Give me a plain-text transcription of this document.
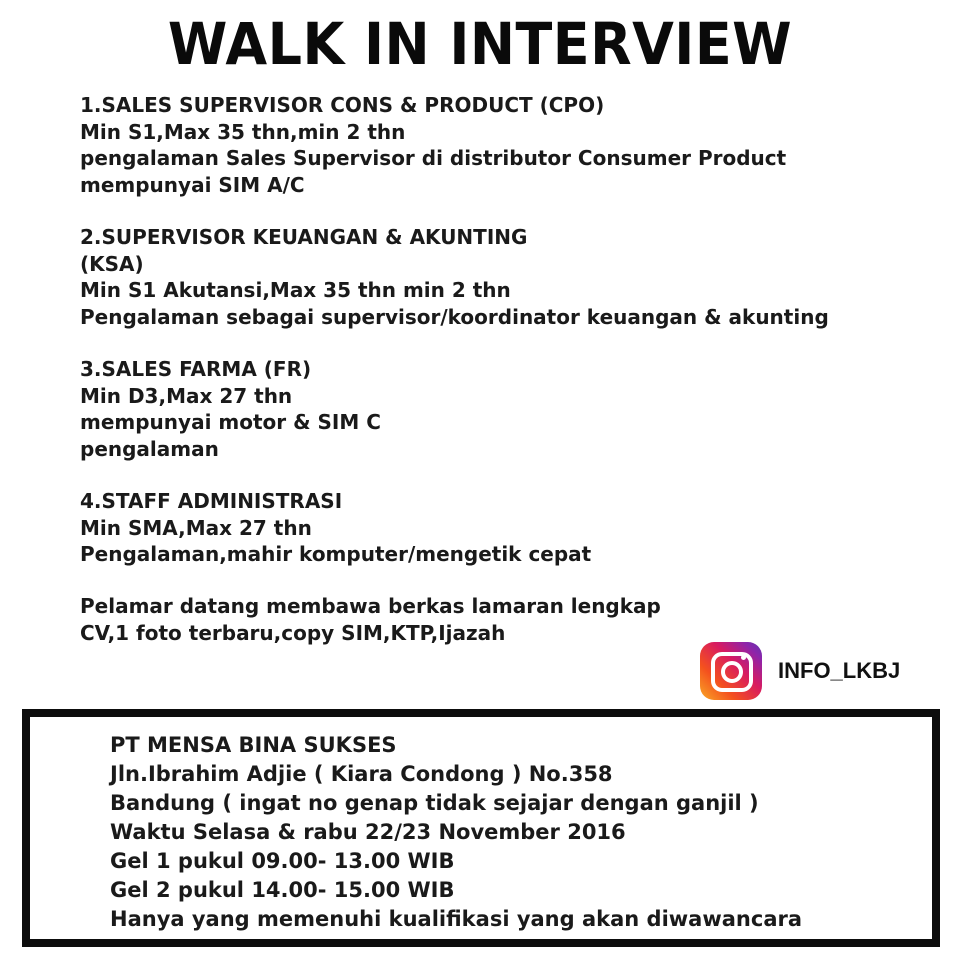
WALK IN INTERVIEW
1.SALES SUPERVISOR CONS & PRODUCT (CPO)
Min S1,Max 35 thn,min 2 thn
pengalaman Sales Supervisor di distributor Consumer Product
mempunyai SIM A/C
2.SUPERVISOR KEUANGAN & AKUNTING
(KSA)
Min S1 Akutansi,Max 35 thn min 2 thn
Pengalaman sebagai supervisor/koordinator keuangan & akunting
3.SALES FARMA (FR)
Min D3,Max 27 thn
mempunyai motor & SIM C
pengalaman
4.STAFF ADMINISTRASI
Min SMA,Max 27 thn
Pengalaman,mahir komputer/mengetik cepat
Pelamar datang membawa berkas lamaran lengkap
CV,1 foto terbaru,copy SIM,KTP,Ijazah
INFO_LKBJ
PT MENSA BINA SUKSES
Jln.Ibrahim Adjie ( Kiara Condong ) No.358
Bandung ( ingat no genap tidak sejajar dengan ganjil )
Waktu Selasa & rabu 22/23 November 2016
Gel 1 pukul 09.00- 13.00 WIB
Gel 2 pukul 14.00- 15.00 WIB
Hanya yang memenuhi kualifikasi yang akan diwawancara
